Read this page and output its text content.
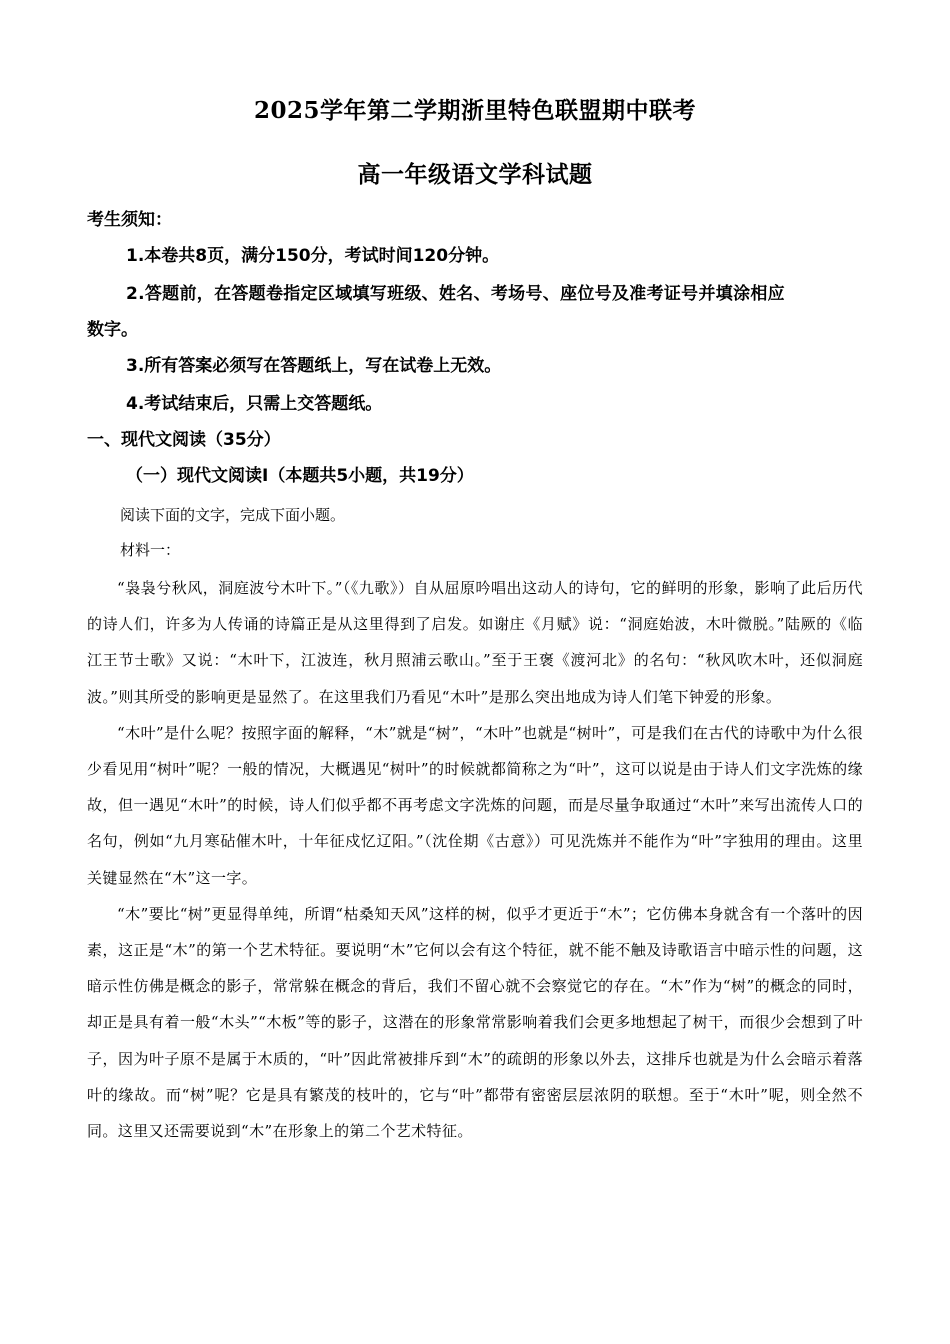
2025学年第二学期浙里特色联盟期中联考
高一年级语文学科试题
考生须知：
1.本卷共8页，满分150分，考试时间120分钟。
2.答题前，在答题卷指定区域填写班级、姓名、考场号、座位号及准考证号并填涂相应
数字。
3.所有答案必须写在答题纸上，写在试卷上无效。
4.考试结束后，只需上交答题纸。
一、现代文阅读（35分）
（一）现代文阅读Ⅰ（本题共5小题，共19分）
阅读下面的文字，完成下面小题。
材料一：

“袅袅兮秋风，洞庭波兮木叶下。”（《九歌》）自从屈原吟唱出这动人的诗句，它的鲜明的形象，影响了此后历代的诗人们，许多为人传诵的诗篇正是从这里得到了启发。如谢庄《月赋》说：“洞庭始波，木叶微脱。”陆厥的《临江王节士歌》又说：“木叶下，江波连，秋月照浦云歌山。”至于王褒《渡河北》的名句：“秋风吹木叶，还似洞庭波。”则其所受的影响更是显然了。在这里我们乃看见“木叶”是那么突出地成为诗人们笔下钟爱的形象。

“木叶”是什么呢？按照字面的解释，“木”就是“树”，“木叶”也就是“树叶”，可是我们在古代的诗歌中为什么很少看见用“树叶”呢？一般的情况，大概遇见“树叶”的时候就都简称之为“叶”，这可以说是由于诗人们文字洗炼的缘故，但一遇见“木叶”的时候，诗人们似乎都不再考虑文字洗炼的问题，而是尽量争取通过“木叶”来写出流传人口的名句，例如“九月寒砧催木叶，十年征戍忆辽阳。”（沈佺期《古意》）可见洗炼并不能作为“叶”字独用的理由。这里关键显然在“木”这一字。

“木”要比“树”更显得单纯，所谓“枯桑知天风”这样的树，似乎才更近于“木”；它仿佛本身就含有一个落叶的因素，这正是“木”的第一个艺术特征。要说明“木”它何以会有这个特征，就不能不触及诗歌语言中暗示性的问题，这暗示性仿佛是概念的影子，常常躲在概念的背后，我们不留心就不会察觉它的存在。“木”作为“树”的概念的同时，却正是具有着一般“木头”“木板”等的影子，这潜在的形象常常影响着我们会更多地想起了树干，而很少会想到了叶子，因为叶子原不是属于木质的，“叶”因此常被排斥到“木”的疏朗的形象以外去，这排斥也就是为什么会暗示着落叶的缘故。而“树”呢？它是具有繁茂的枝叶的，它与“叶”都带有密密层层浓阴的联想。至于“木叶”呢，则全然不同。这里又还需要说到“木”在形象上的第二个艺术特征。
